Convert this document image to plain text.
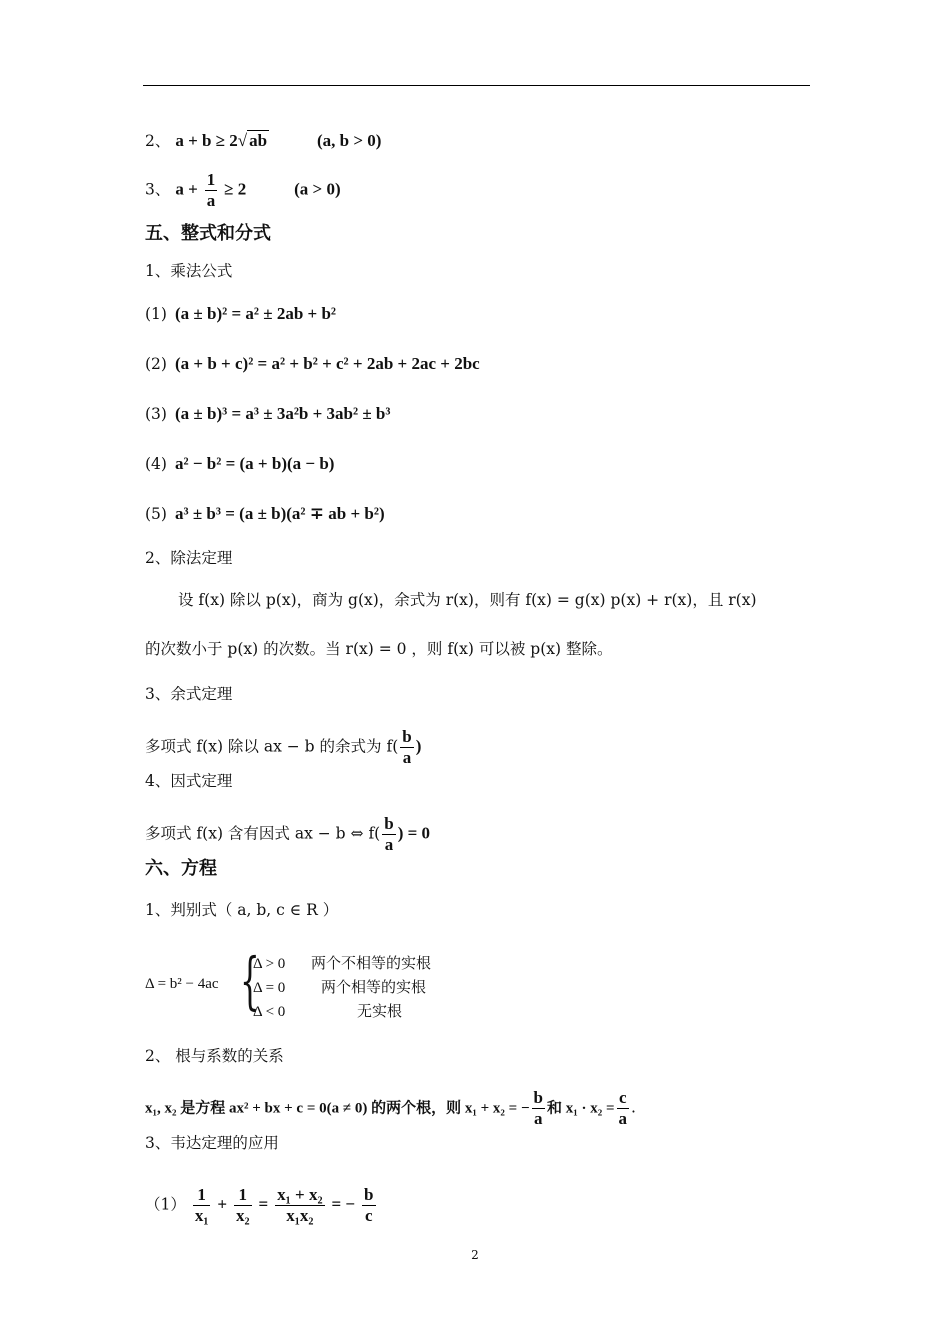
2、 a + b ≥ 2√ ab	(a, b > 0)
3、 $a + \frac{1}{a} \ge 2$	(a > 0)
五、整式和分式
1、乘法公式
(1) (a ± b)² = a² ± 2ab + b²
(2) (a + b + c)² = a² + b² + c² + 2ab + 2ac + 2bc
(3) (a ± b)³ = a³ ± 3a²b + 3ab² ± b³
(4) a² − b² = (a + b)(a − b)
(5) a³ ± b³ = (a ± b)(a² ∓ ab + b²)
2、除法定理
设 f(x) 除以 p(x)，商为 g(x)，余式为 r(x)，则有 f(x) = g(x) p(x) + r(x)，且 r(x)
的次数小于 p(x) 的次数。当 r(x) = 0 ，则 f(x) 可以被 p(x) 整除。
3、余式定理
多项式 f(x) 除以 ax − b 的余式为 $f( \frac{b}{a}$ )
4、因式定理
多项式 f(x) 含有因式 ax − b ⇔ $f( \frac{b}{a}$ ) = 0
六、方程
1、判别式（ a, b, c ∈ R ）
Δ = b² − 4ac {
Δ > 0 两个不相等的实根
Δ = 0 两个相等的实根
Δ < 0	无实根
2、 根与系数的关系
x₁, x₂ 是方程 ax² + bx + c = 0(a ≠ 0) 的两个根，则 x₁ + x₂ = − $\frac{b}{a}$ 和 $x_1 \cdot x_2 = \frac{c}{a}$ .
3、韦达定理的应用
$(1) \frac{1}{\text{x₁}} + \frac{1}{\text{x₂}} = \frac{\text{x₁ + x₂}}{\text{x₁x₂}}$ = − $\frac{b}{c}$
2
